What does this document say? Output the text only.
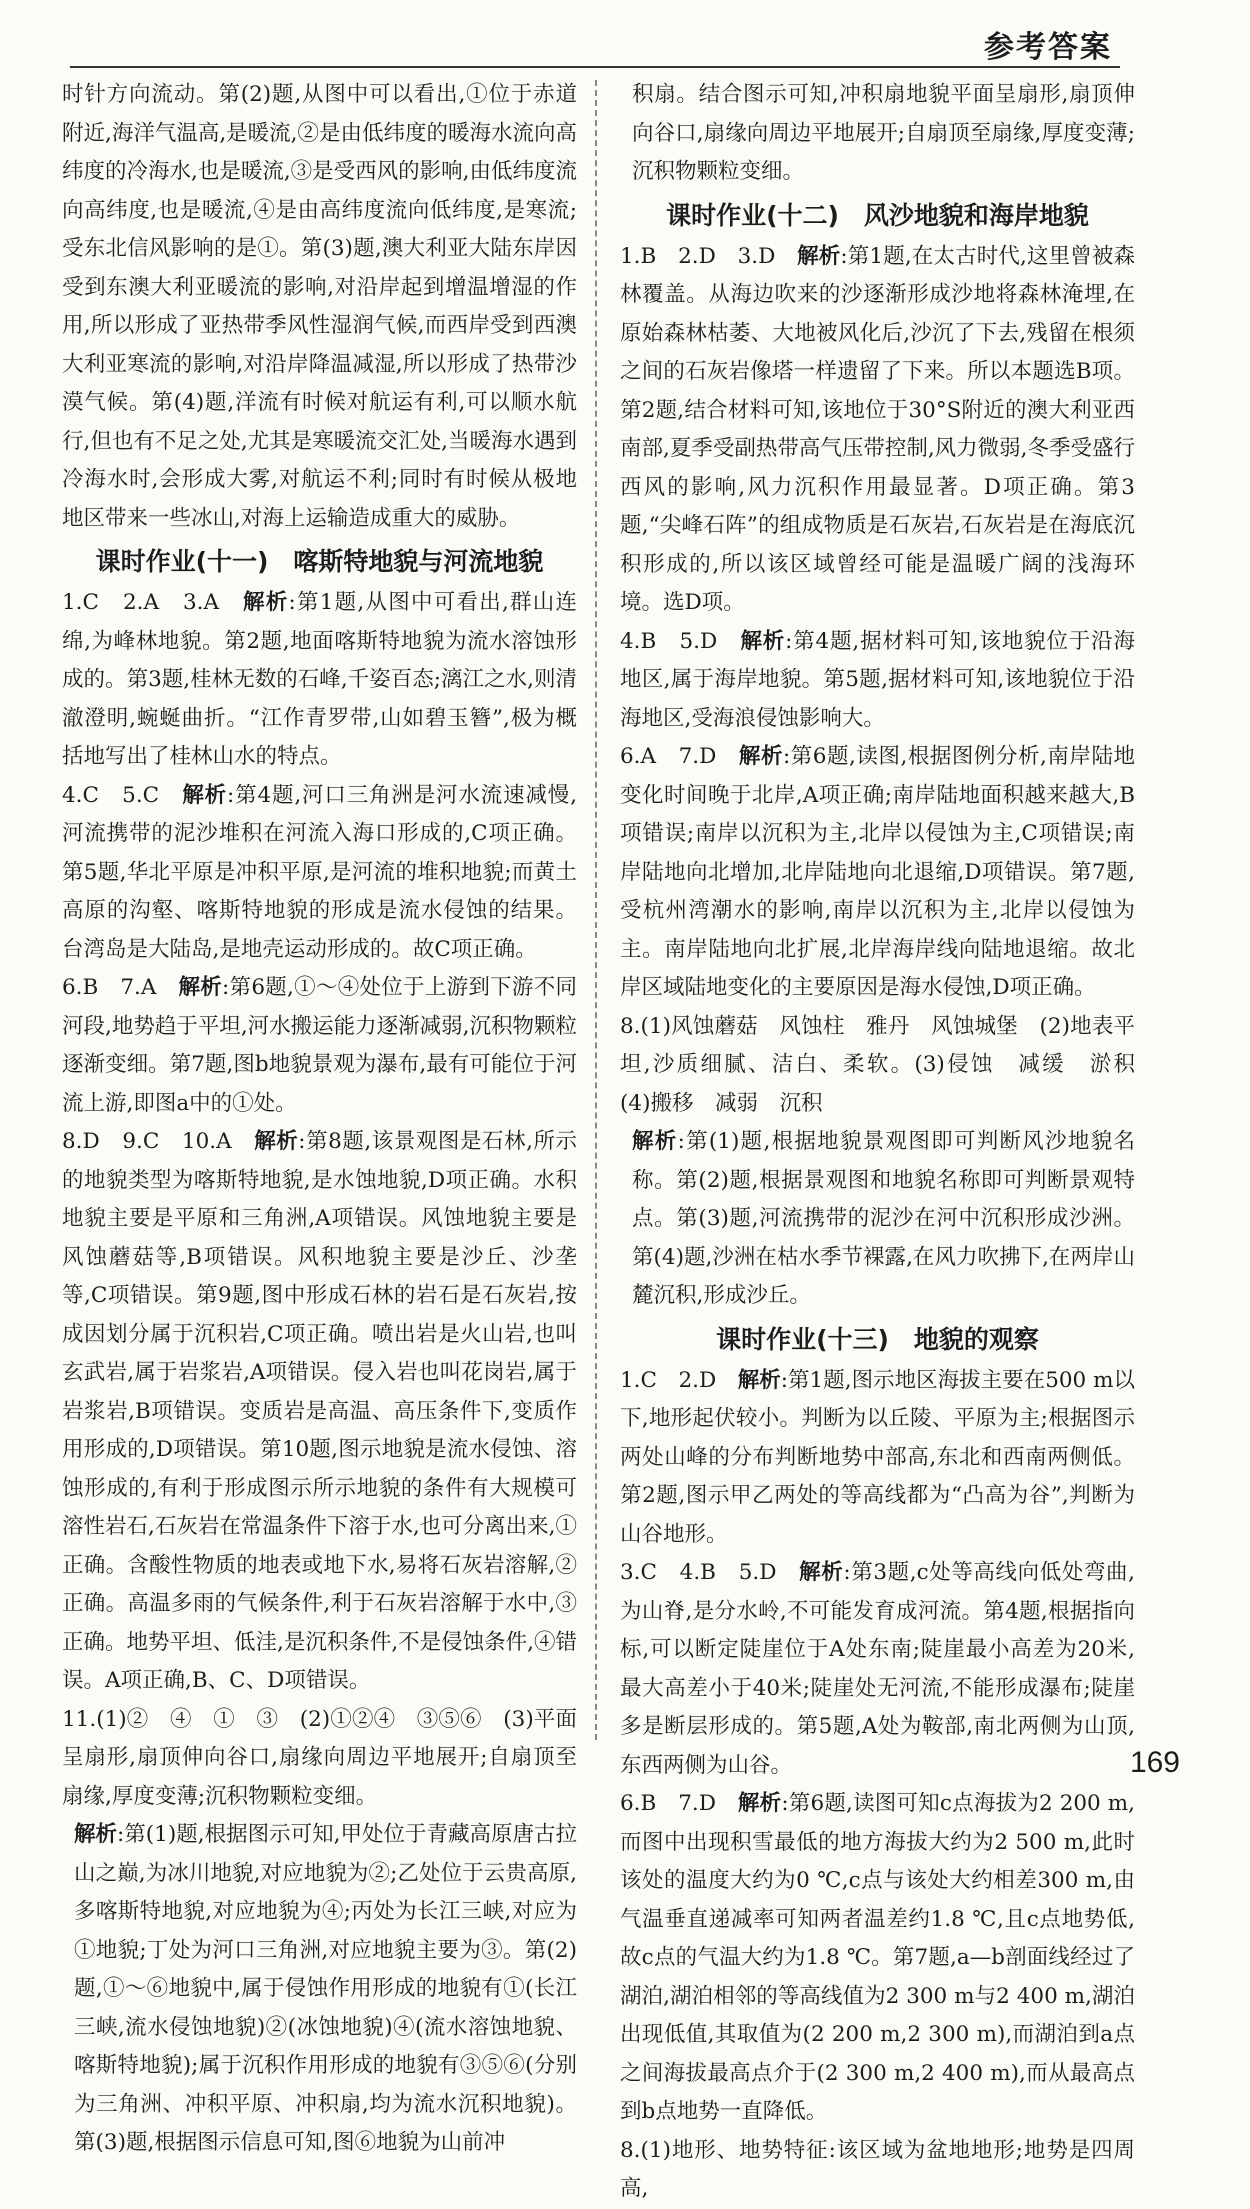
参考答案

时针方向流动。第(2)题,从图中可以看出,①位于赤道附近,海洋气温高,是暖流,②是由低纬度的暖海水流向高纬度的冷海水,也是暖流,③是受西风的影响,由低纬度流向高纬度,也是暖流,④是由高纬度流向低纬度,是寒流;受东北信风影响的是①。第(3)题,澳大利亚大陆东岸因受到东澳大利亚暖流的影响,对沿岸起到增温增湿的作用,所以形成了亚热带季风性湿润气候,而西岸受到西澳大利亚寒流的影响,对沿岸降温减湿,所以形成了热带沙漠气候。第(4)题,洋流有时候对航运有利,可以顺水航行,但也有不足之处,尤其是寒暖流交汇处,当暖海水遇到冷海水时,会形成大雾,对航运不利;同时有时候从极地地区带来一些冰山,对海上运输造成重大的威胁。

课时作业(十一)　喀斯特地貌与河流地貌

1.C　2.A　3.A　解析:第1题,从图中可看出,群山连绵,为峰林地貌。第2题,地面喀斯特地貌为流水溶蚀形成的。第3题,桂林无数的石峰,千姿百态;漓江之水,则清澈澄明,蜿蜒曲折。“江作青罗带,山如碧玉簪”,极为概括地写出了桂林山水的特点。

4.C　5.C　解析:第4题,河口三角洲是河水流速减慢,河流携带的泥沙堆积在河流入海口形成的,C项正确。第5题,华北平原是冲积平原,是河流的堆积地貌;而黄土高原的沟壑、喀斯特地貌的形成是流水侵蚀的结果。台湾岛是大陆岛,是地壳运动形成的。故C项正确。

6.B　7.A　解析:第6题,①～④处位于上游到下游不同河段,地势趋于平坦,河水搬运能力逐渐减弱,沉积物颗粒逐渐变细。第7题,图b地貌景观为瀑布,最有可能位于河流上游,即图a中的①处。

8.D　9.C　10.A　解析:第8题,该景观图是石林,所示的地貌类型为喀斯特地貌,是水蚀地貌,D项正确。水积地貌主要是平原和三角洲,A项错误。风蚀地貌主要是风蚀蘑菇等,B项错误。风积地貌主要是沙丘、沙垄等,C项错误。第9题,图中形成石林的岩石是石灰岩,按成因划分属于沉积岩,C项正确。喷出岩是火山岩,也叫玄武岩,属于岩浆岩,A项错误。侵入岩也叫花岗岩,属于岩浆岩,B项错误。变质岩是高温、高压条件下,变质作用形成的,D项错误。第10题,图示地貌是流水侵蚀、溶蚀形成的,有利于形成图示所示地貌的条件有大规模可溶性岩石,石灰岩在常温条件下溶于水,也可分离出来,①正确。含酸性物质的地表或地下水,易将石灰岩溶解,②正确。高温多雨的气候条件,利于石灰岩溶解于水中,③正确。地势平坦、低洼,是沉积条件,不是侵蚀条件,④错误。A项正确,B、C、D项错误。

11.(1)②　④　①　③　(2)①②④　③⑤⑥　(3)平面呈扇形,扇顶伸向谷口,扇缘向周边平地展开;自扇顶至扇缘,厚度变薄;沉积物颗粒变细。

解析:第(1)题,根据图示可知,甲处位于青藏高原唐古拉山之巅,为冰川地貌,对应地貌为②;乙处位于云贵高原,多喀斯特地貌,对应地貌为④;丙处为长江三峡,对应为①地貌;丁处为河口三角洲,对应地貌主要为③。第(2)题,①～⑥地貌中,属于侵蚀作用形成的地貌有①(长江三峡,流水侵蚀地貌)②(冰蚀地貌)④(流水溶蚀地貌、喀斯特地貌);属于沉积作用形成的地貌有③⑤⑥(分别为三角洲、冲积平原、冲积扇,均为流水沉积地貌)。第(3)题,根据图示信息可知,图⑥地貌为山前冲

积扇。结合图示可知,冲积扇地貌平面呈扇形,扇顶伸向谷口,扇缘向周边平地展开;自扇顶至扇缘,厚度变薄;沉积物颗粒变细。

课时作业(十二)　风沙地貌和海岸地貌

1.B　2.D　3.D　解析:第1题,在太古时代,这里曾被森林覆盖。从海边吹来的沙逐渐形成沙地将森林淹埋,在原始森林枯萎、大地被风化后,沙沉了下去,残留在根须之间的石灰岩像塔一样遗留了下来。所以本题选B项。第2题,结合材料可知,该地位于30°S附近的澳大利亚西南部,夏季受副热带高气压带控制,风力微弱,冬季受盛行西风的影响,风力沉积作用最显著。D项正确。第3题,“尖峰石阵”的组成物质是石灰岩,石灰岩是在海底沉积形成的,所以该区域曾经可能是温暖广阔的浅海环境。选D项。

4.B　5.D　解析:第4题,据材料可知,该地貌位于沿海地区,属于海岸地貌。第5题,据材料可知,该地貌位于沿海地区,受海浪侵蚀影响大。

6.A　7.D　解析:第6题,读图,根据图例分析,南岸陆地变化时间晚于北岸,A项正确;南岸陆地面积越来越大,B项错误;南岸以沉积为主,北岸以侵蚀为主,C项错误;南岸陆地向北增加,北岸陆地向北退缩,D项错误。第7题,受杭州湾潮水的影响,南岸以沉积为主,北岸以侵蚀为主。南岸陆地向北扩展,北岸海岸线向陆地退缩。故北岸区域陆地变化的主要原因是海水侵蚀,D项正确。

8.(1)风蚀蘑菇　风蚀柱　雅丹　风蚀城堡　(2)地表平坦,沙质细腻、洁白、柔软。(3)侵蚀　减缓　淤积　(4)搬移　减弱　沉积

解析:第(1)题,根据地貌景观图即可判断风沙地貌名称。第(2)题,根据景观图和地貌名称即可判断景观特点。第(3)题,河流携带的泥沙在河中沉积形成沙洲。第(4)题,沙洲在枯水季节裸露,在风力吹拂下,在两岸山麓沉积,形成沙丘。

课时作业(十三)　地貌的观察

1.C　2.D　解析:第1题,图示地区海拔主要在500 m以下,地形起伏较小。判断为以丘陵、平原为主;根据图示两处山峰的分布判断地势中部高,东北和西南两侧低。第2题,图示甲乙两处的等高线都为“凸高为谷”,判断为山谷地形。

3.C　4.B　5.D　解析:第3题,c处等高线向低处弯曲,为山脊,是分水岭,不可能发育成河流。第4题,根据指向标,可以断定陡崖位于A处东南;陡崖最小高差为20米,最大高差小于40米;陡崖处无河流,不能形成瀑布;陡崖多是断层形成的。第5题,A处为鞍部,南北两侧为山顶,东西两侧为山谷。

6.B　7.D　解析:第6题,读图可知c点海拔为2 200 m,而图中出现积雪最低的地方海拔大约为2 500 m,此时该处的温度大约为0 ℃,c点与该处大约相差300 m,由气温垂直递减率可知两者温差约1.8 ℃,且c点地势低,故c点的气温大约为1.8 ℃。第7题,a—b剖面线经过了湖泊,湖泊相邻的等高线值为2 300 m与2 400 m,湖泊出现低值,其取值为(2 200 m,2 300 m),而湖泊到a点之间海拔最高点介于(2 300 m,2 400 m),而从最高点到b点地势一直降低。

8.(1)地形、地势特征:该区域为盆地地形;地势是四周高,

169
